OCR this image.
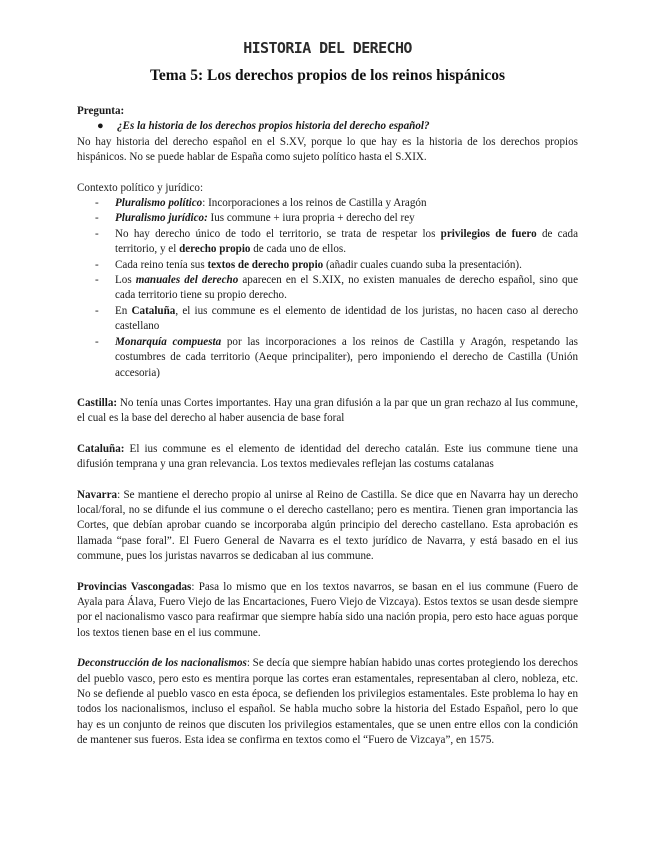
HISTORIA DEL DERECHO
Tema 5: Los derechos propios de los reinos hispánicos

Pregunta:

●	¿Es la historia de los derechos propios historia del derecho español?

No hay historia del derecho español en el S.XV, porque lo que hay es la historia de los derechos propios hispánicos. No se puede hablar de España como sujeto político hasta el S.XIX.

Contexto político y jurídico:

- Pluralismo político: Incorporaciones a los reinos de Castilla y Aragón
- Pluralismo jurídico: Ius commune + iura propria + derecho del rey
- No hay derecho único de todo el territorio, se trata de respetar los privilegios de fuero de cada territorio, y el derecho propio de cada uno de ellos.
- Cada reino tenía sus textos de derecho propio (añadir cuales cuando suba la presentación).
- Los manuales del derecho aparecen en el S.XIX, no existen manuales de derecho español, sino que cada territorio tiene su propio derecho.
- En Cataluña, el ius commune es el elemento de identidad de los juristas, no hacen caso al derecho castellano
- Monarquía compuesta por las incorporaciones a los reinos de Castilla y Aragón, respetando las costumbres de cada territorio (Aeque principaliter), pero imponiendo el derecho de Castilla (Unión accesoria)

Castilla: No tenía unas Cortes importantes. Hay una gran difusión a la par que un gran rechazo al Ius commune, el cual es la base del derecho al haber ausencia de base foral

Cataluña: El ius commune es el elemento de identidad del derecho catalán. Este ius commune tiene una difusión temprana y una gran relevancia. Los textos medievales reflejan las costums catalanas

Navarra: Se mantiene el derecho propio al unirse al Reino de Castilla. Se dice que en Navarra hay un derecho local/foral, no se difunde el ius commune o el derecho castellano; pero es mentira. Tienen gran importancia las Cortes, que debían aprobar cuando se incorporaba algún principio del derecho castellano. Esta aprobación es llamada “pase foral”. El Fuero General de Navarra es el texto jurídico de Navarra, y está basado en el ius commune, pues los juristas navarros se dedicaban al ius commune.

Provincias Vascongadas: Pasa lo mismo que en los textos navarros, se basan en el ius commune (Fuero de Ayala para Álava, Fuero Viejo de las Encartaciones, Fuero Viejo de Vizcaya). Estos textos se usan desde siempre por el nacionalismo vasco para reafirmar que siempre había sido una nación propia, pero esto hace aguas porque los textos tienen base en el ius commune.

Deconstrucción de los nacionalismos: Se decía que siempre habían habido unas cortes protegiendo los derechos del pueblo vasco, pero esto es mentira porque las cortes eran estamentales, representaban al clero, nobleza, etc. No se defiende al pueblo vasco en esta época, se defienden los privilegios estamentales. Este problema lo hay en todos los nacionalismos, incluso el español. Se habla mucho sobre la historia del Estado Español, pero lo que hay es un conjunto de reinos que discuten los privilegios estamentales, que se unen entre ellos con la condición de mantener sus fueros. Esta idea se confirma en textos como el “Fuero de Vizcaya”, en 1575.
